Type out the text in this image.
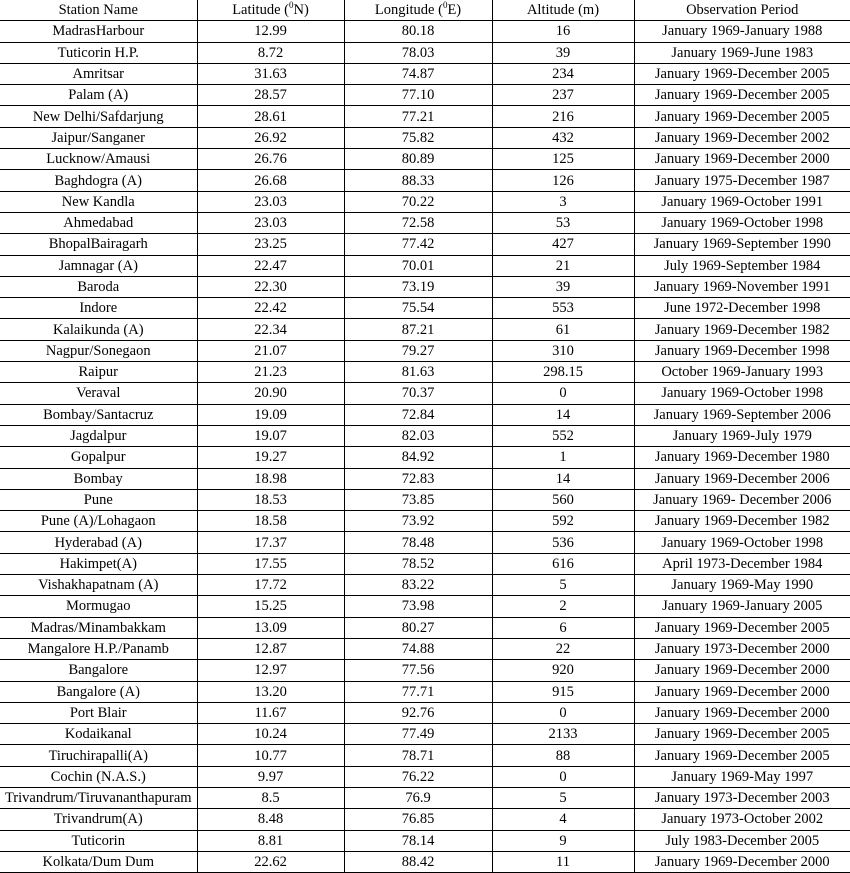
Station Name	Latitude ($^0$N)	Longitude ($^0$E)	Altitude (m)	Observation Period
MadrasHarbour	12.99	80.18	16	January 1969-January 1988
Tuticorin H.P.	8.72	78.03	39	January 1969-June 1983
Amritsar	31.63	74.87	234	January 1969-December 2005
Palam (A)	28.57	77.10	237	January 1969-December 2005
New Delhi/Safdarjung	28.61	77.21	216	January 1969-December 2005
Jaipur/Sanganer	26.92	75.82	432	January 1969-December 2002
Lucknow/Amausi	26.76	80.89	125	January 1969-December 2000
Baghdogra (A)	26.68	88.33	126	January 1975-December 1987
New Kandla	23.03	70.22	3	January 1969-October 1991
Ahmedabad	23.03	72.58	53	January 1969-October 1998
BhopalBairagarh	23.25	77.42	427	January 1969-September 1990
Jamnagar (A)	22.47	70.01	21	July 1969-September 1984
Baroda	22.30	73.19	39	January 1969-November 1991
Indore	22.42	75.54	553	June 1972-December 1998
Kalaikunda (A)	22.34	87.21	61	January 1969-December 1982
Nagpur/Sonegaon	21.07	79.27	310	January 1969-December 1998
Raipur	21.23	81.63	298.15	October 1969-January 1993
Veraval	20.90	70.37	0	January 1969-October 1998
Bombay/Santacruz	19.09	72.84	14	January 1969-September 2006
Jagdalpur	19.07	82.03	552	January 1969-July 1979
Gopalpur	19.27	84.92	1	January 1969-December 1980
Bombay	18.98	72.83	14	January 1969-December 2006
Pune	18.53	73.85	560	January 1969- December 2006
Pune (A)/Lohagaon	18.58	73.92	592	January 1969-December 1982
Hyderabad (A)	17.37	78.48	536	January 1969-October 1998
Hakimpet(A)	17.55	78.52	616	April 1973-December 1984
Vishakhapatnam (A)	17.72	83.22	5	January 1969-May 1990
Mormugao	15.25	73.98	2	January 1969-January 2005
Madras/Minambakkam	13.09	80.27	6	January 1969-December 2005
Mangalore H.P./Panamb	12.87	74.88	22	January 1973-December 2000
Bangalore	12.97	77.56	920	January 1969-December 2000
Bangalore (A)	13.20	77.71	915	January 1969-December 2000
Port Blair	11.67	92.76	0	January 1969-December 2000
Kodaikanal	10.24	77.49	2133	January 1969-December 2005
Tiruchirapalli(A)	10.77	78.71	88	January 1969-December 2005
Cochin (N.A.S.)	9.97	76.22	0	January 1969-May 1997
Trivandrum/Tiruvananthapuram	8.5	76.9	5	January 1973-December 2003
Trivandrum(A)	8.48	76.85	4	January 1973-October 2002
Tuticorin	8.81	78.14	9	July 1983-December 2005
Kolkata/Dum Dum	22.62	88.42	11	January 1969-December 2000
